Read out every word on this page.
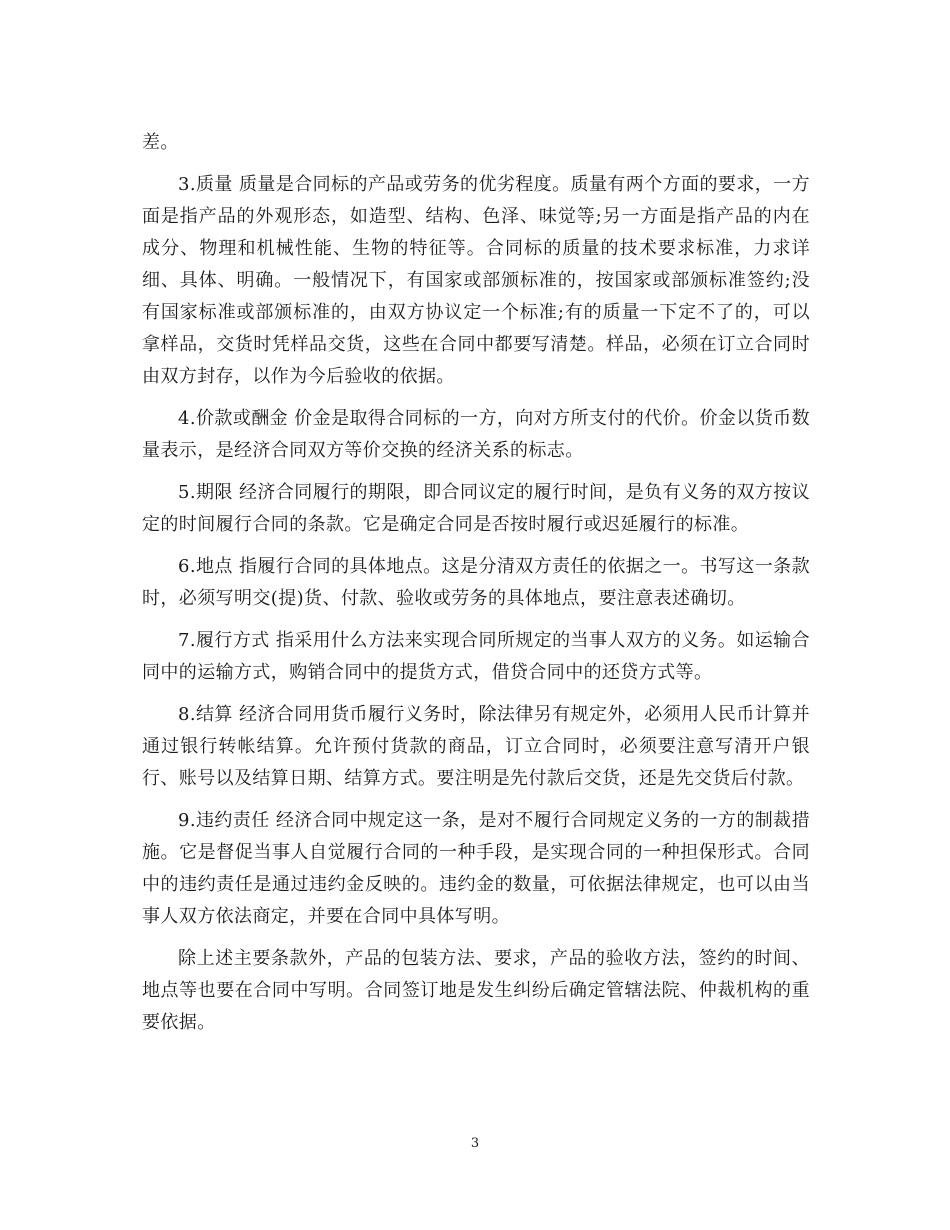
差。

3.质量 质量是合同标的产品或劳务的优劣程度。质量有两个方面的要求，一方面是指产品的外观形态，如造型、结构、色泽、味觉等;另一方面是指产品的内在成分、物理和机械性能、生物的特征等。合同标的质量的技术要求标准，力求详细、具体、明确。一般情况下，有国家或部颁标准的，按国家或部颁标准签约;没有国家标准或部颁标准的，由双方协议定一个标准;有的质量一下定不了的，可以拿样品，交货时凭样品交货，这些在合同中都要写清楚。样品，必须在订立合同时由双方封存，以作为今后验收的依据。

4.价款或酬金 价金是取得合同标的一方，向对方所支付的代价。价金以货币数量表示，是经济合同双方等价交换的经济关系的标志。

5.期限 经济合同履行的期限，即合同议定的履行时间，是负有义务的双方按议定的时间履行合同的条款。它是确定合同是否按时履行或迟延履行的标准。

6.地点 指履行合同的具体地点。这是分清双方责任的依据之一。书写这一条款时，必须写明交(提)货、付款、验收或劳务的具体地点，要注意表述确切。

7.履行方式 指采用什么方法来实现合同所规定的当事人双方的义务。如运输合同中的运输方式，购销合同中的提货方式，借贷合同中的还贷方式等。

8.结算 经济合同用货币履行义务时，除法律另有规定外，必须用人民币计算并通过银行转帐结算。允许预付货款的商品，订立合同时，必须要注意写清开户银行、账号以及结算日期、结算方式。要注明是先付款后交货，还是先交货后付款。

9.违约责任 经济合同中规定这一条，是对不履行合同规定义务的一方的制裁措施。它是督促当事人自觉履行合同的一种手段，是实现合同的一种担保形式。合同中的违约责任是通过违约金反映的。违约金的数量，可依据法律规定，也可以由当事人双方依法商定，并要在合同中具体写明。

除上述主要条款外，产品的包装方法、要求，产品的验收方法，签约的时间、地点等也要在合同中写明。合同签订地是发生纠纷后确定管辖法院、仲裁机构的重要依据。

3
